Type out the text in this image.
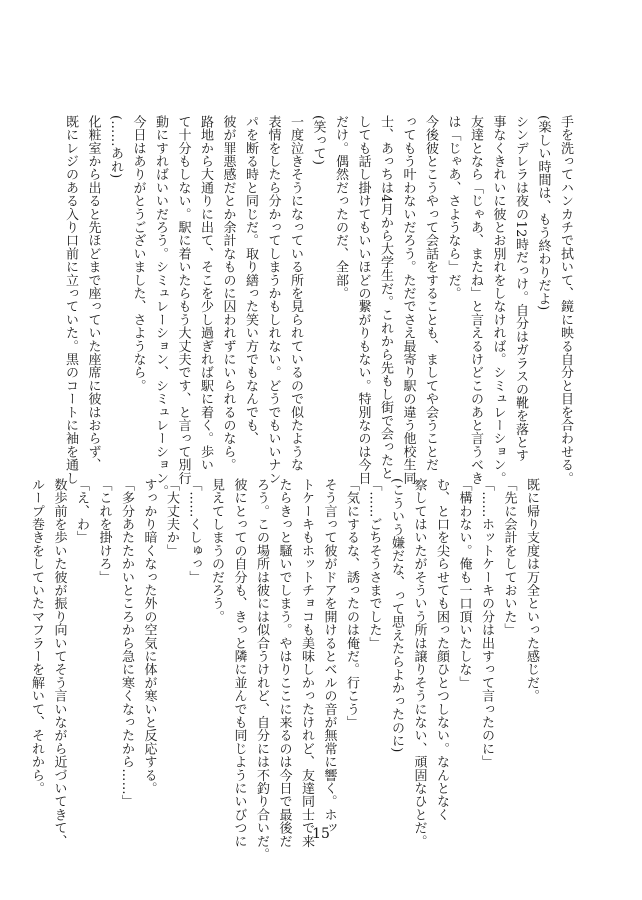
手を洗ってハンカチで拭いて、鏡に映る自分と目を合わせる。
(楽しい時間は、もう終わりだよ)
シンデレラは夜の12時だっけ。自分はガラスの靴を落とす
事なくきれいに彼とお別れをしなければ。シミュレーション。
友達となら「じゃあ、またね」と言えるけどこのあと言うべき
は「じゃあ、さようなら」だ。
今後彼とこうやって会話をすることも、ましてや会うことだ
ってもう叶わないだろう。ただでさえ最寄り駅の違う他校生同
士、あっちは4月から大学生だ。これから先もし街で会ったと
しても話し掛けてもいいほどの繋がりもない。特別なのは今日
だけ。偶然だったのだ、全部。
(笑って)
一度泣きそうになっている所を見られているので似たような
表情をしたら分かってしまうかもしれない。どうでもいいナン
パを断る時と同じだ。取り繕った笑い方でもなんでも、
彼が罪悪感だとか余計なものに囚われずにいられるのなら。
路地から大通りに出て、そこを少し過ぎれば駅に着く。歩い
て十分もしない。駅に着いたらもう大丈夫です、と言って別行
動にすればいいだろう。シミュレーション、シミュレーション。
今日はありがとうございました、さようなら。
(……あれ)
化粧室から出ると先ほどまで座っていた座席に彼はおらず、
既にレジのある入り口前に立っていた。黒のコートに袖を通し
既に帰り支度は万全といった感じだ。
「先に会計をしておいた」
「……ホットケーキの分は出すって言ったのに」
「構わない。俺も一口頂いたしな」
む、と口を尖らせても困った顔ひとつしない。なんとなく
察してはいたがそういう所は譲りそうにない、頑固なひとだ。
(こういう嫌だな、って思えたらよかったのに)
「……ごちそうさまでした」
「気にするな、誘ったのは俺だ。行こう」
そう言って彼がドアを開けるとベルの音が無常に響く。ホッ
トケーキもホットチョコも美味しかったけれど、友達同士で来
たらきっと騒いでしまう。やはりここに来るのは今日で最後だ
ろう。この場所は彼には似合うけれど、自分には不釣り合いだ。
彼にとっての自分も、きっと隣に並んでも同じようにいびつに
見えてしまうのだろう。
「……くしゅっ」
「大丈夫か」
すっかり暗くなった外の空気に体が寒いと反応する。
「多分あたたかいところから急に寒くなったから……」
「これを掛けろ」
「え、わ」
数歩前を歩いた彼が振り向いてそう言いながら近づいてきて、
ループ巻きをしていたマフラーを解いて、それから。
15
